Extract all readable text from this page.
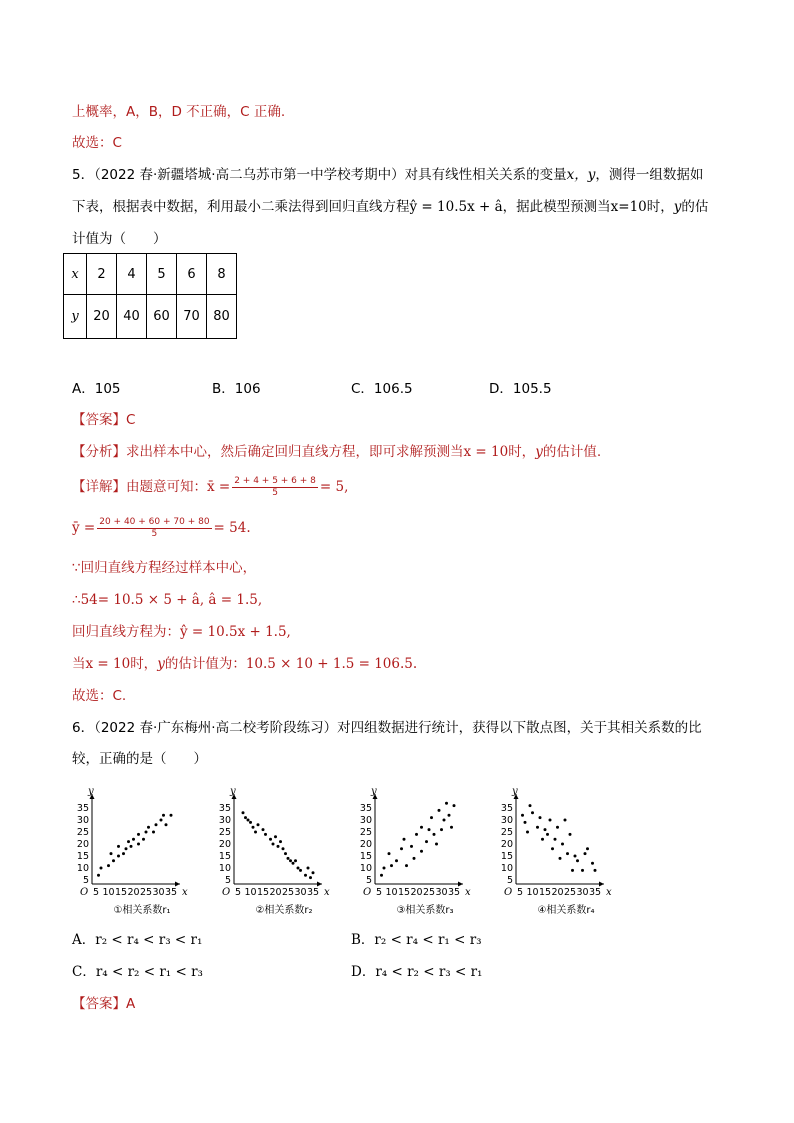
上概率，A，B，D 不正确，C 正确.
故选：C
5．（2022 春·新疆塔城·高二乌苏市第一中学校考期中）对具有线性相关关系的变量x，y，测得一组数据如
下表，根据表中数据，利用最小二乘法得到回归直线方程ŷ = 10.5x + â，据此模型预测当x=10时，y的估
计值为（　　）
x	2	4	5	6	8
y	20	40	60	70	80
A．105	B．106	C．106.5	D．105.5
【答案】C
【分析】求出样本中心，然后确定回归直线方程，即可求解预测当x = 10时，y的估计值.
【详解】由题意可知：x̄ = $\frac{2 + 4 + 5 + 6 + 8}{5} = 5$,
ȳ = $\frac{20 + 40 + 60 + 70 + 80}{5} = 54$.
∵回归直线方程经过样本中心，
∴54= 10.5 × 5 + â, â = 1.5,
回归直线方程为：ŷ = 10.5x + 1.5,
当x = 10时，y的估计值为：10.5 × 10 + 1.5 = 106.5.
故选：C.
6．（2022 春·广东梅州·高二校考阶段练习）对四组数据进行统计，获得以下散点图，关于其相关系数的比
较，正确的是（　　）
x
y
O 5 10 15 20 25 30 35
5
10
15
20
25
30
35
①相关系数r₁
x
y
O 5 10 15 20 25 30 35
5
10
15
20
25
30
35
②相关系数r₂
x
y
O 5 10 15 20 25 30 35
5
10
15
20
25
30
35
③相关系数r₃
x
y
O 5 10 15 20 25 30 35
5
10
15
20
25
30
35
④相关系数r₄
A．r₂ < r₄ < r₃ < r₁	B．r₂ < r₄ < r₁ < r₃
C．r₄ < r₂ < r₁ < r₃	D．r₄ < r₂ < r₃ < r₁
【答案】A
